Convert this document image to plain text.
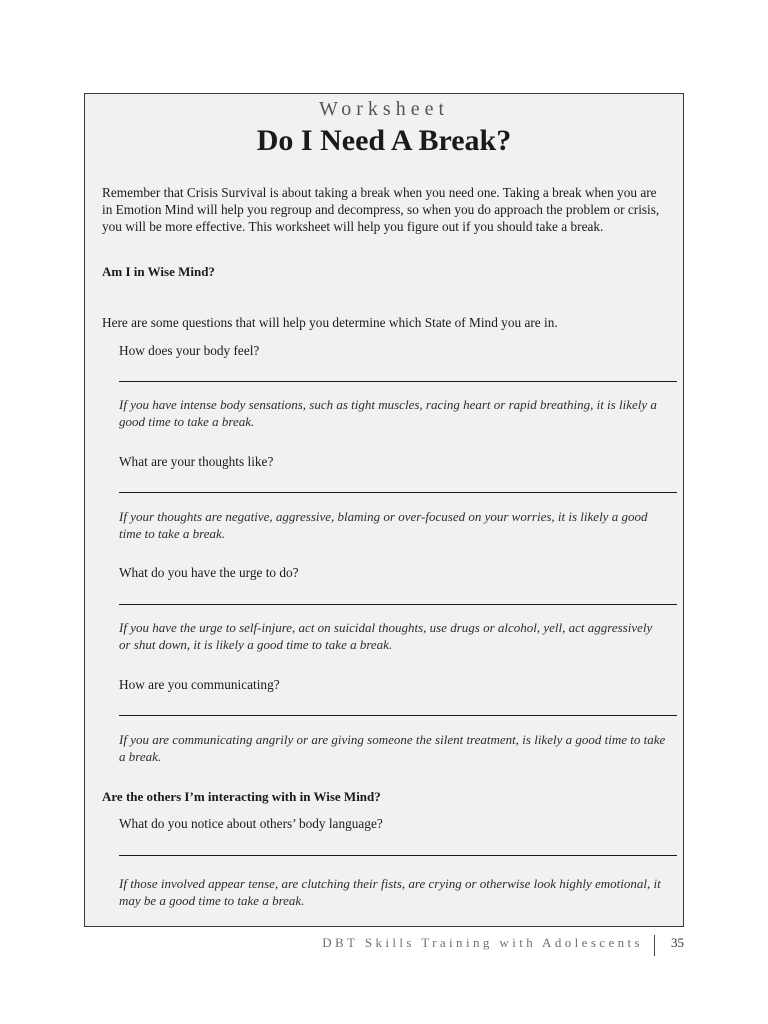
Worksheet
Do I Need A Break?

Remember that Crisis Survival is about taking a break when you need one. Taking a break when you are in Emotion Mind will help you regroup and decompress, so when you do approach the problem or crisis, you will be more effective. This worksheet will help you figure out if you should take a break.

Am I in Wise Mind?

Here are some questions that will help you determine which State of Mind you are in.

How does your body feel?

If you have intense body sensations, such as tight muscles, racing heart or rapid breathing, it is likely a good time to take a break.

What are your thoughts like?

If your thoughts are negative, aggressive, blaming or over-focused on your worries, it is likely a good time to take a break.

What do you have the urge to do?

If you have the urge to self-injure, act on suicidal thoughts, use drugs or alcohol, yell, act aggressively or shut down, it is likely a good time to take a break.

How are you communicating?

If you are communicating angrily or are giving someone the silent treatment, is likely a good time to take a break.

Are the others I’m interacting with in Wise Mind?

What do you notice about others’ body language?

If those involved appear tense, are clutching their fists, are crying or otherwise look highly emotional, it may be a good time to take a break.

DBT Skills Training with Adolescents 35
